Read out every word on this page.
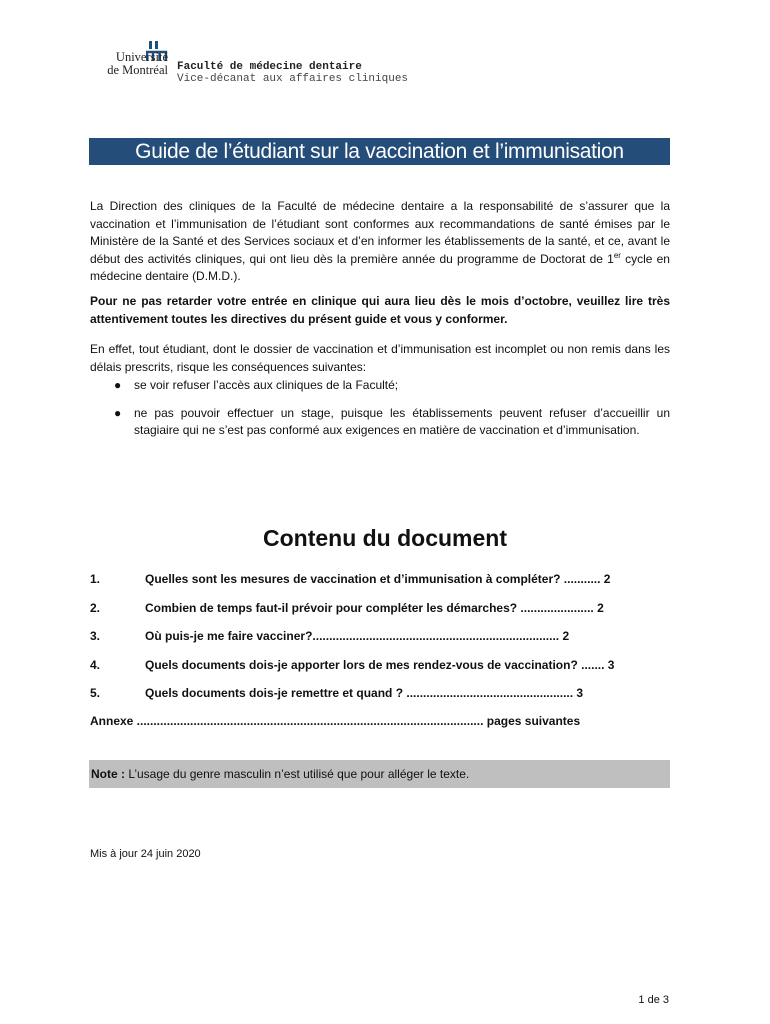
Université
de Montréal Faculté de médecine dentaire
Vice-décanat aux affaires cliniques
Guide de l’étudiant sur la vaccination et l’immunisation
La Direction des cliniques de la Faculté de médecine dentaire a la responsabilité de s’assurer que la vaccination et l’immunisation de l’étudiant sont conformes aux recommandations de santé émises par le Ministère de la Santé et des Services sociaux et d’en informer les établissements de la santé, et ce, avant le début des activités cliniques, qui ont lieu dès la première année du programme de Doctorat de 1er cycle en médecine dentaire (D.M.D.).
Pour ne pas retarder votre entrée en clinique qui aura lieu dès le mois d’octobre, veuillez lire très attentivement toutes les directives du présent guide et vous y conformer.
En effet, tout étudiant, dont le dossier de vaccination et d’immunisation est incomplet ou non remis dans les délais prescrits, risque les conséquences suivantes:
● se voir refuser l’accès aux cliniques de la Faculté;
● ne pas pouvoir effectuer un stage, puisque les établissements peuvent refuser d’accueillir un stagiaire qui ne s’est pas conformé aux exigences en matière de vaccination et d’immunisation.
Contenu du document
1.	Quelles sont les mesures de vaccination et d’immunisation à compléter? ........... 2
2.	Combien de temps faut-il prévoir pour compléter les démarches? ...................... 2
3.	Où puis-je me faire vacciner?.......................................................................... 2
4.	Quels documents dois-je apporter lors de mes rendez-vous de vaccination? ....... 3
5.	Quels documents dois-je remettre et quand ? .................................................. 3
Annexe ........................................................................................................ pages suivantes
Note : L’usage du genre masculin n’est utilisé que pour alléger le texte.
Mis à jour 24 juin 2020
1 de 3
